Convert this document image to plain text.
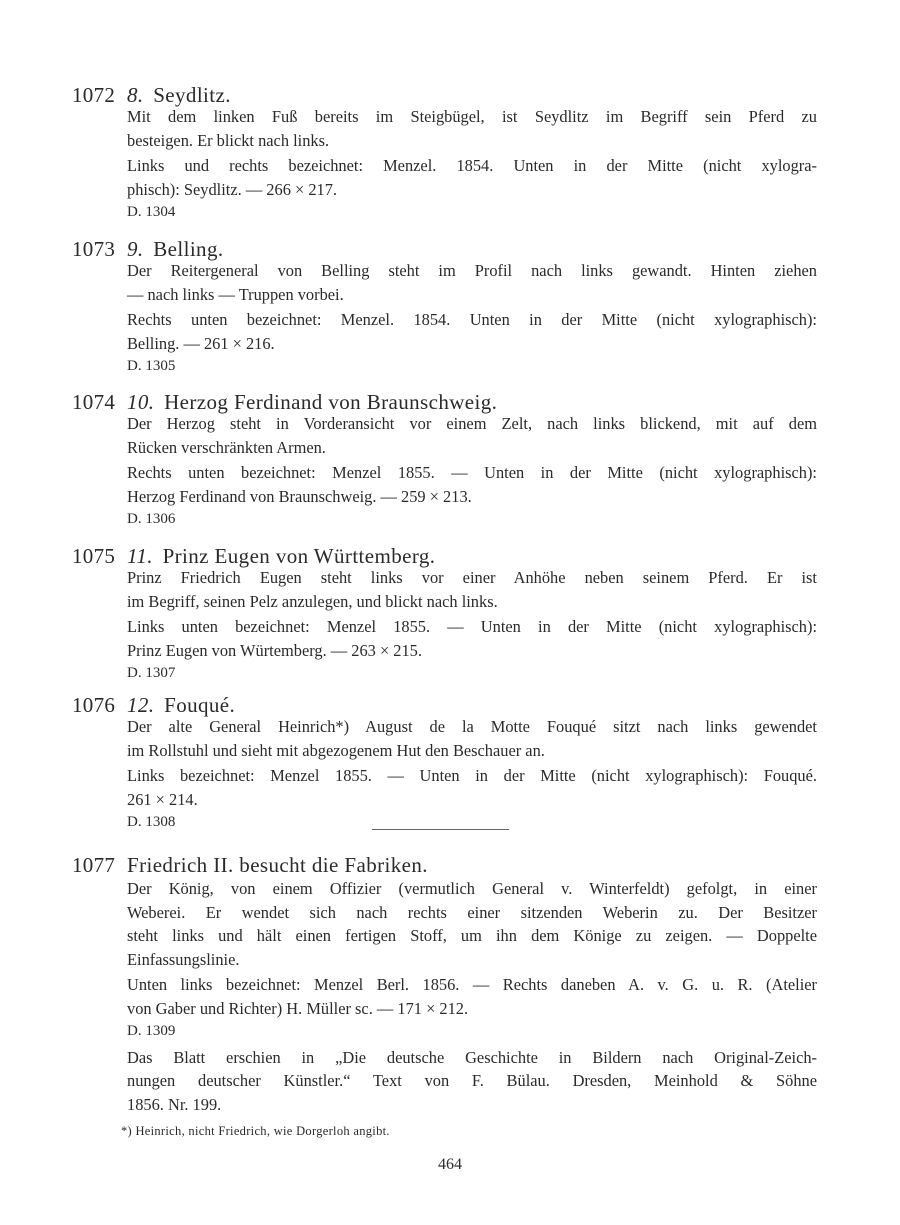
1072 8. Seydlitz.
Mit dem linken Fuß bereits im Steigbügel, ist Seydlitz im Begriff sein Pferd zu
besteigen. Er blickt nach links.
Links und rechts bezeichnet: Menzel. 1854. Unten in der Mitte (nicht xylogra-
phisch): Seydlitz. — 266 × 217.
D. 1304
1073 9. Belling.
Der Reitergeneral von Belling steht im Profil nach links gewandt. Hinten ziehen
— nach links — Truppen vorbei.
Rechts unten bezeichnet: Menzel. 1854. Unten in der Mitte (nicht xylographisch):
Belling. — 261 × 216.
D. 1305
1074 10. Herzog Ferdinand von Braunschweig.
Der Herzog steht in Vorderansicht vor einem Zelt, nach links blickend, mit auf dem
Rücken verschränkten Armen.
Rechts unten bezeichnet: Menzel 1855. — Unten in der Mitte (nicht xylographisch):
Herzog Ferdinand von Braunschweig. — 259 × 213.
D. 1306
1075 11. Prinz Eugen von Württemberg.
Prinz Friedrich Eugen steht links vor einer Anhöhe neben seinem Pferd. Er ist
im Begriff, seinen Pelz anzulegen, und blickt nach links.
Links unten bezeichnet: Menzel 1855. — Unten in der Mitte (nicht xylographisch):
Prinz Eugen von Würtemberg. — 263 × 215.
D. 1307
1076 12. Fouqué.
Der alte General Heinrich*) August de la Motte Fouqué sitzt nach links gewendet
im Rollstuhl und sieht mit abgezogenem Hut den Beschauer an.
Links bezeichnet: Menzel 1855. — Unten in der Mitte (nicht xylographisch): Fouqué.
261 × 214.
D. 1308
1077 Friedrich II. besucht die Fabriken.
Der König, von einem Offizier (vermutlich General v. Winterfeldt) gefolgt, in einer
Weberei. Er wendet sich nach rechts einer sitzenden Weberin zu. Der Besitzer
steht links und hält einen fertigen Stoff, um ihn dem Könige zu zeigen. — Doppelte
Einfassungslinie.
Unten links bezeichnet: Menzel Berl. 1856. — Rechts daneben A. v. G. u. R. (Atelier
von Gaber und Richter) H. Müller sc. — 171 × 212.
D. 1309
Das Blatt erschien in „Die deutsche Geschichte in Bildern nach Original-Zeich-
nungen deutscher Künstler.“ Text von F. Bülau. Dresden, Meinhold & Söhne
1856. Nr. 199.
*) Heinrich, nicht Friedrich, wie Dorgerloh angibt.
464
